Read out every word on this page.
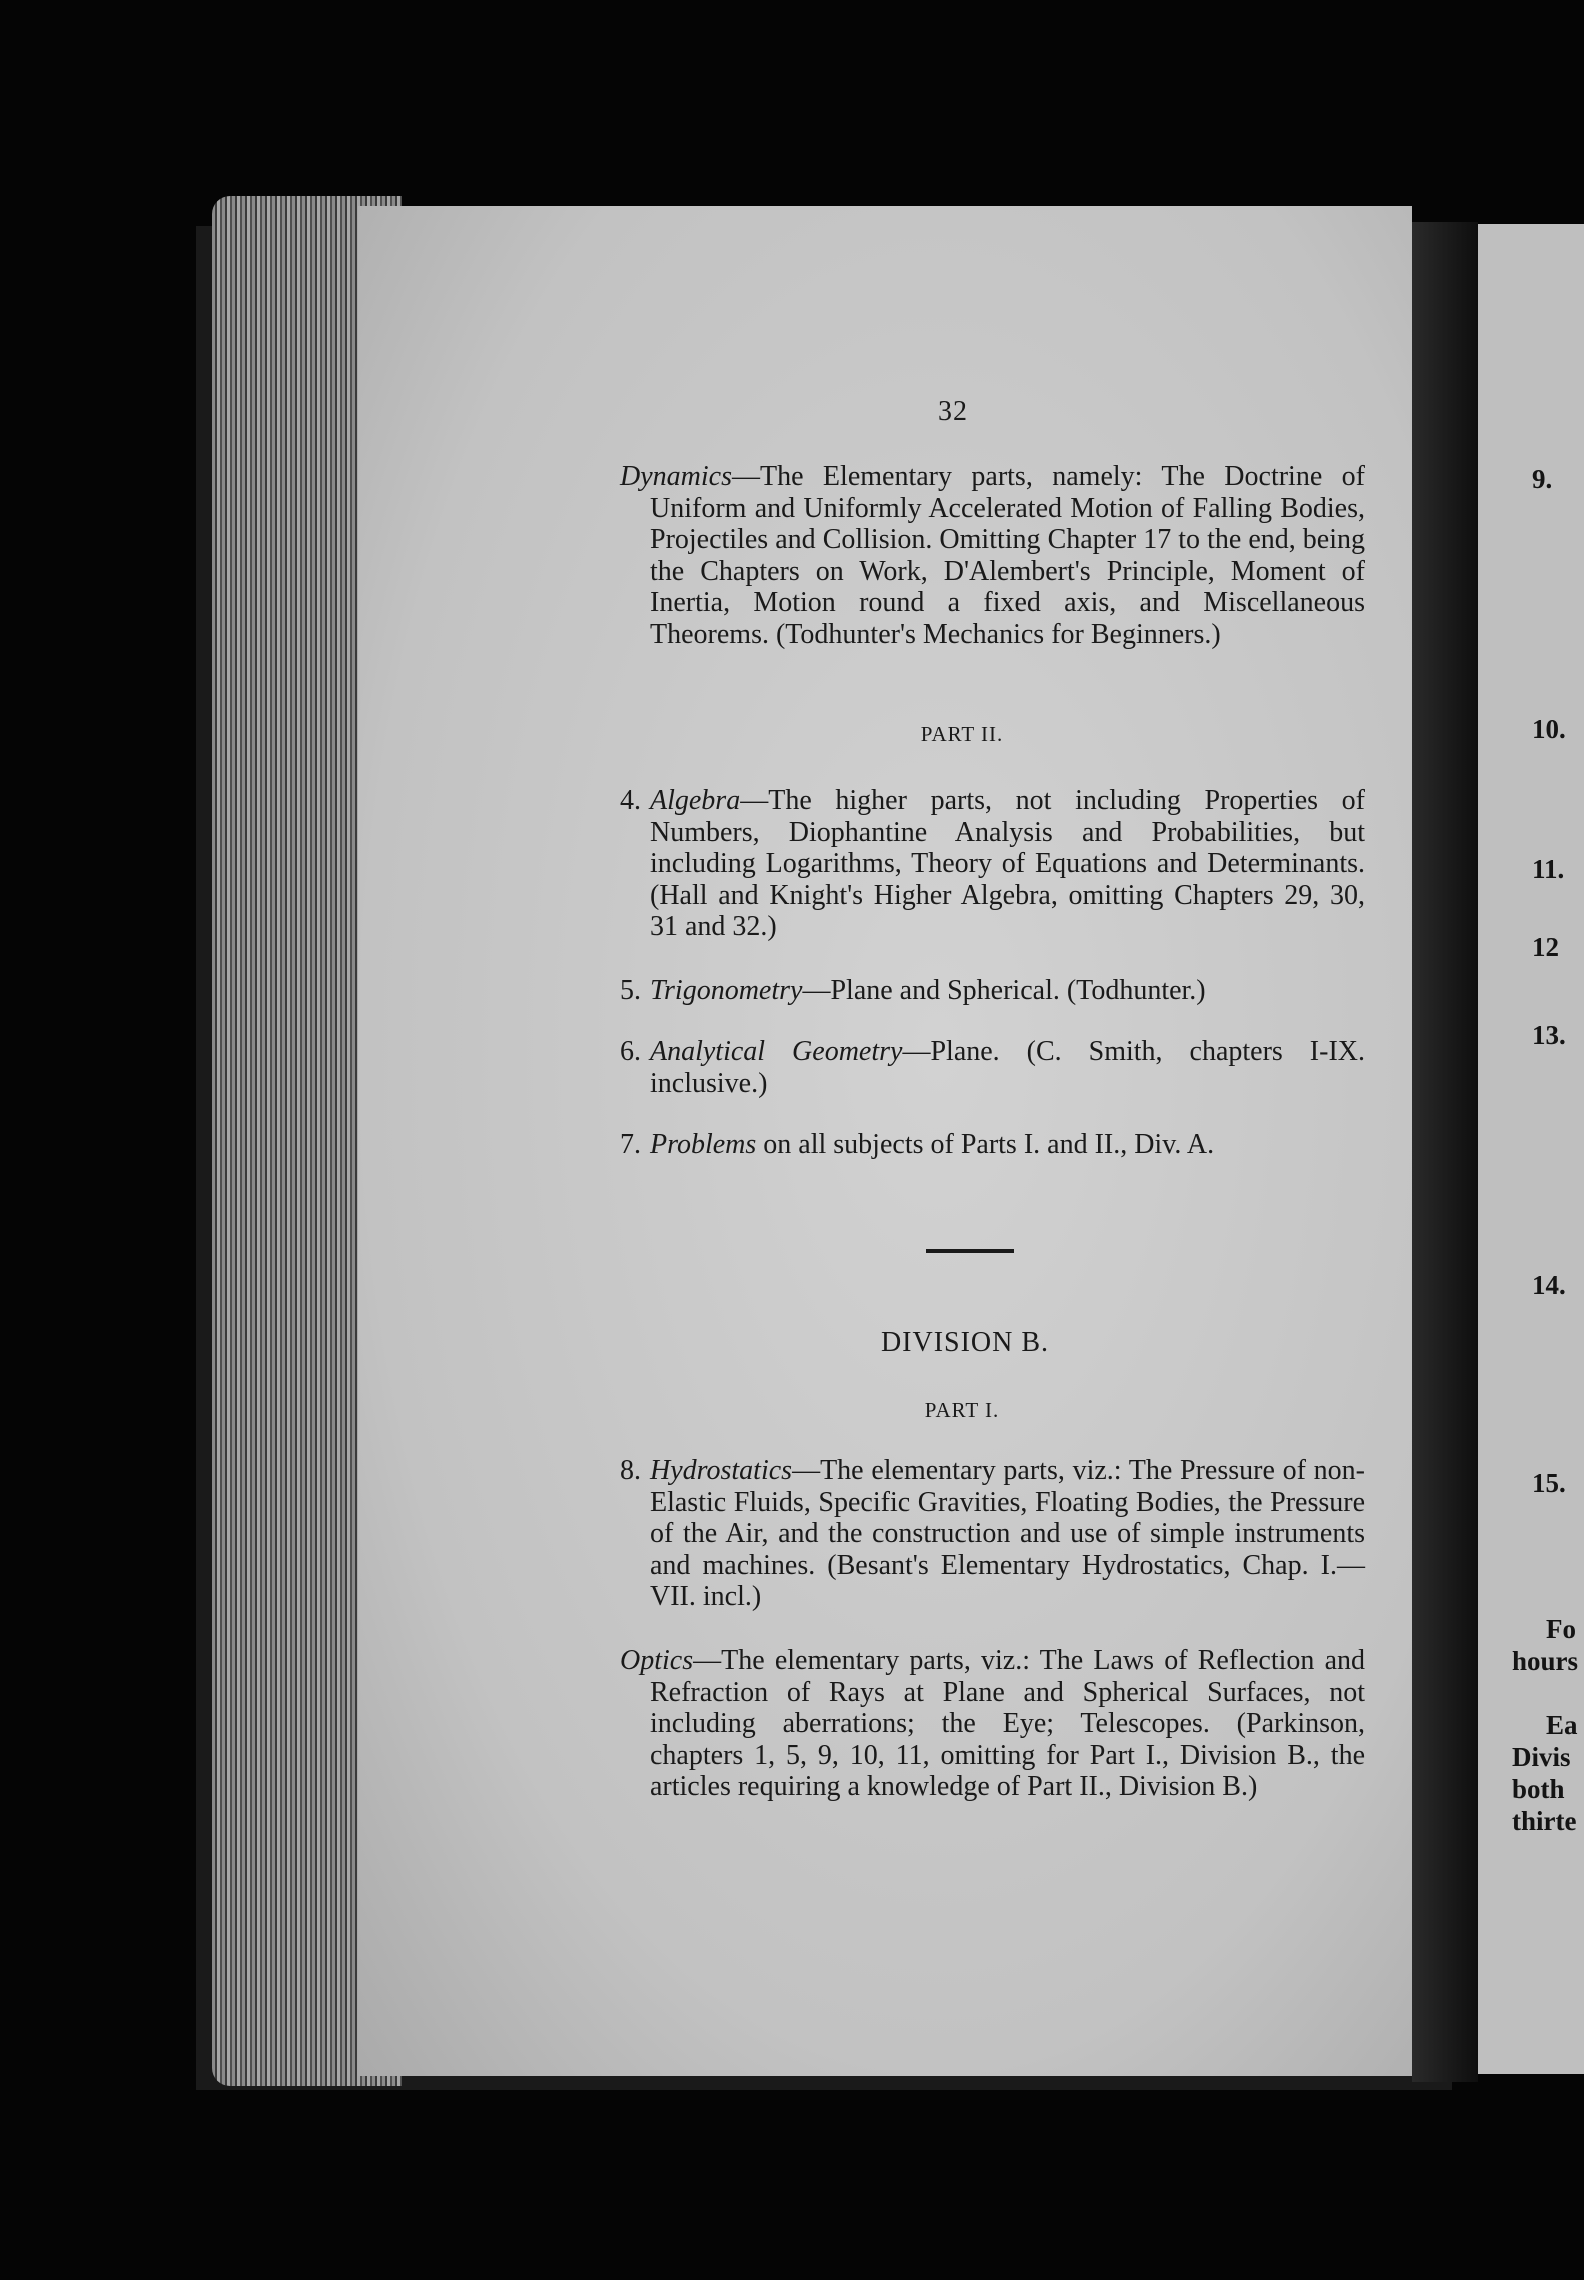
9.
10.
11.
12
13.
14.
15.
Fo
hours
Ea
Divis
both
thirte
32
Dynamics—The Elementary parts, namely: The Doctrine of Uniform and Uniformly Accelerated Motion of Falling Bodies, Projectiles and Collision. Omitting Chapter 17 to the end, being the Chapters on Work, D'Alembert's Principle, Moment of Inertia, Motion round a fixed axis, and Miscellaneous Theorems. (Todhunter's Mechanics for Beginners.)
PART II.
4. Algebra—The higher parts, not including Properties of Numbers, Diophantine Analysis and Probabilities, but including Logarithms, Theory of Equations and Determinants. (Hall and Knight's Higher Algebra, omitting Chapters 29, 30, 31 and 32.)
5. Trigonometry—Plane and Spherical. (Todhunter.)
6. Analytical Geometry—Plane. (C. Smith, chapters I-IX. inclusive.)
7. Problems on all subjects of Parts I. and II., Div. A.
DIVISION B.
PART I.
8. Hydrostatics—The elementary parts, viz.: The Pressure of non-Elastic Fluids, Specific Gravities, Floating Bodies, the Pressure of the Air, and the construction and use of simple instruments and machines. (Besant's Elementary Hydrostatics, Chap. I.—VII. incl.)
Optics—The elementary parts, viz.: The Laws of Reflection and Refraction of Rays at Plane and Spherical Surfaces, not including aberrations; the Eye; Telescopes. (Parkinson, chapters 1, 5, 9, 10, 11, omitting for Part I., Division B., the articles requiring a knowledge of Part II., Division B.)
